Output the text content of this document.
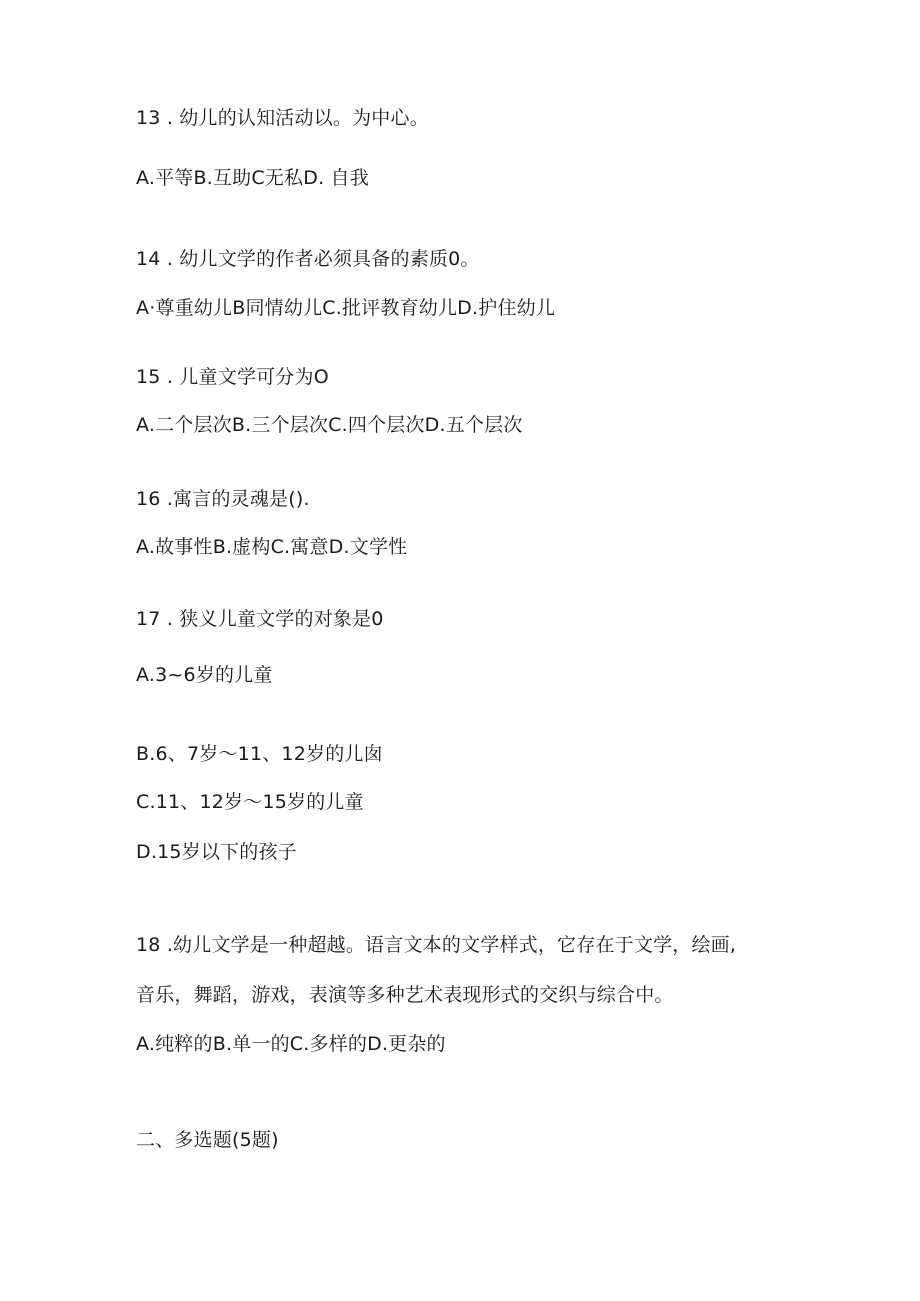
13 . 幼儿的认知活动以。为中心。
A.平等B.互助C无私D. 自我
14 . 幼儿文学的作者必须具备的素质0。
A·尊重幼儿B同情幼儿C.批评教育幼儿D.护住幼儿
15 . 儿童文学可分为O
A.二个层次B.三个层次C.四个层次D.五个层次
16 .寓言的灵魂是().
A.故事性B.虚构C.寓意D.文学性
17 . 狭义儿童文学的对象是0
A.3~6岁的儿童
B.6、7岁～11、12岁的儿囱
C.11、12岁～15岁的儿童
D.15岁以下的孩子
18 .幼儿文学是一种超越。语言文本的文学样式，它存在于文学，绘画,
音乐，舞蹈，游戏，表演等多种艺术表现形式的交织与综合中。
A.纯粹的B.单一的C.多样的D.更杂的
二、多选题(5题)
